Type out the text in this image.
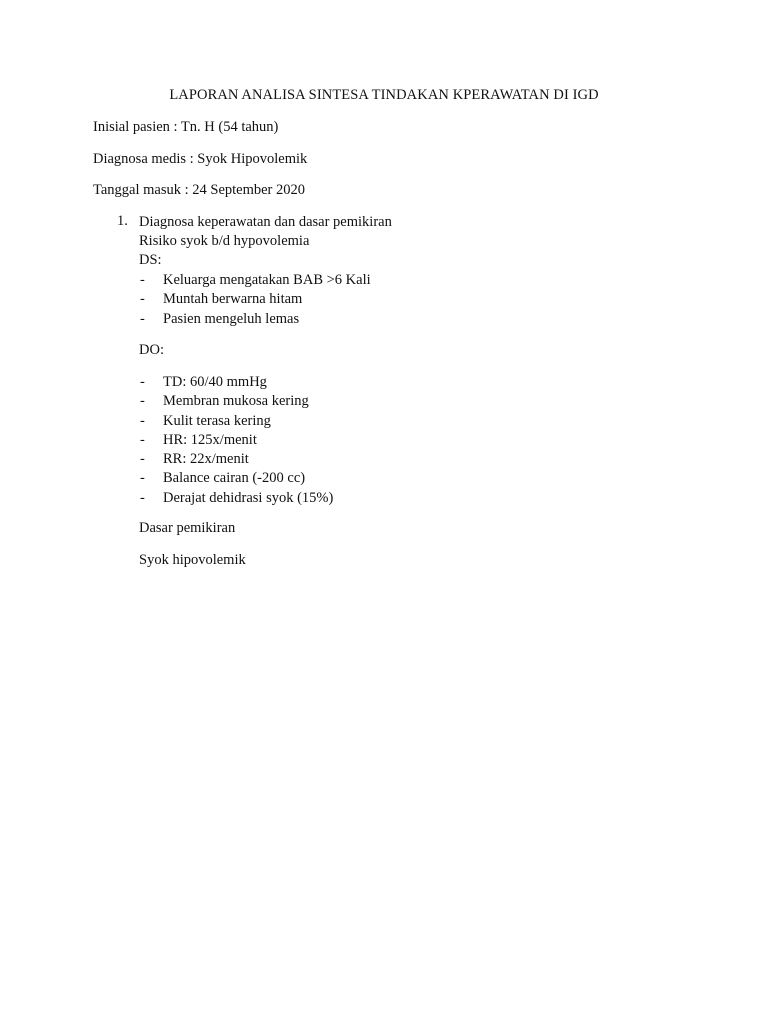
LAPORAN ANALISA SINTESA TINDAKAN KPERAWATAN DI IGD
Inisial pasien : Tn. H (54 tahun)
Diagnosa medis : Syok Hipovolemik
Tanggal masuk : 24 September 2020
1. Diagnosa keperawatan dan dasar pemikiran
Risiko syok b/d hypovolemia
DS:
- Keluarga mengatakan BAB >6 Kali
- Muntah berwarna hitam
- Pasien mengeluh lemas
DO:
- TD: 60/40 mmHg
- Membran mukosa kering
- Kulit terasa kering
- HR: 125x/menit
- RR: 22x/menit
- Balance cairan (-200 cc)
- Derajat dehidrasi syok (15%)
Dasar pemikiran
Syok hipovolemik
